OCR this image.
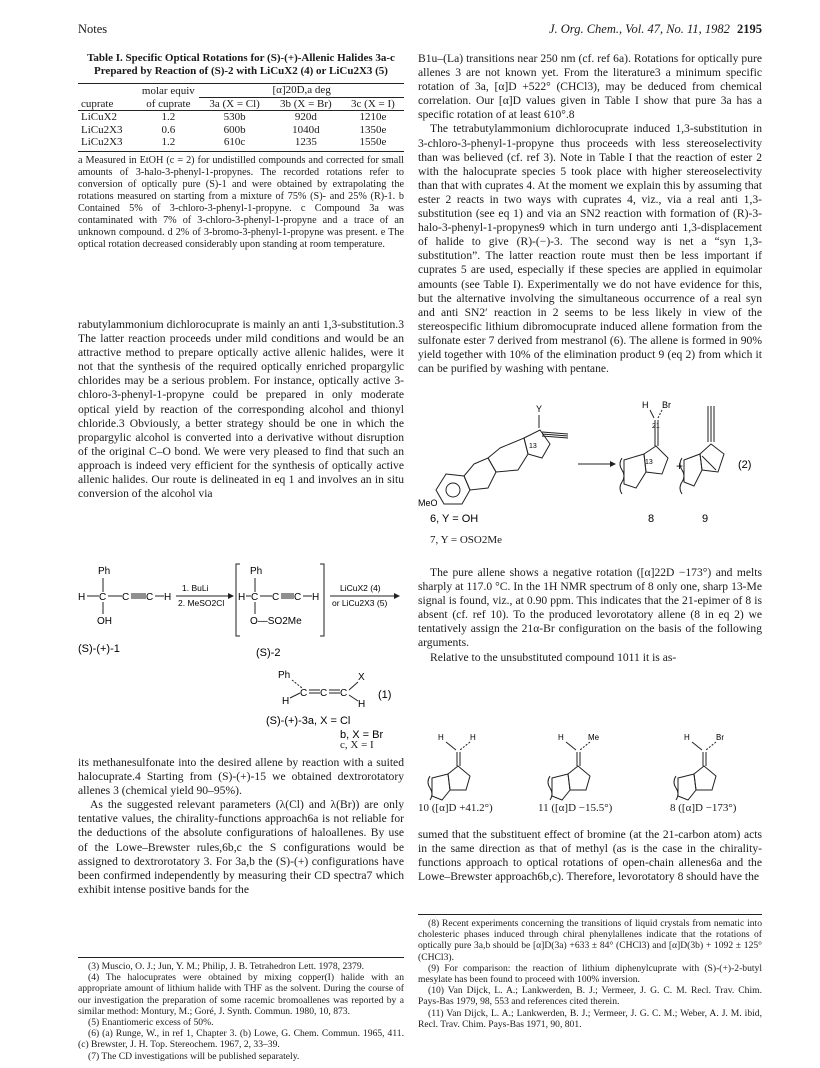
Notes	J. Org. Chem., Vol. 47, No. 11, 1982 2195
Table I. Specific Optical Rotations for (S)-(+)-Allenic Halides 3a-c Prepared by Reaction of (S)-2 with LiCuX2 (4) or LiCu2X3 (5)
cuprate	molar equiv of cuprate	[α]20D,a deg		
		3a (X = Cl)	3b (X = Br)	3c (X = I)

LiCuX2	1.2	530b	920d	1210e
LiCu2X3	0.6	600b	1040d	1350e
LiCu2X3	1.2	610c	1235	1550e
a Measured in EtOH (c = 2) for undistilled compounds and corrected for small amounts of 3-halo-3-phenyl-1-propynes. The recorded rotations refer to conversion of optically pure (S)-1 and were obtained by extrapolating the rotations measured on starting from a mixture of 75% (S)- and 25% (R)-1. b Contained 5% of 3-chloro-3-phenyl-1-propyne. c Compound 3a was contaminated with 7% of 3-chloro-3-phenyl-1-propyne and a trace of an unknown compound. d 2% of 3-bromo-3-phenyl-1-propyne was present. e The optical rotation decreased considerably upon standing at room temperature.

rabutylammonium dichlorocuprate is mainly an anti 1,3-substitution.3 The latter reaction proceeds under mild conditions and would be an attractive method to prepare optically active allenic halides, were it not that the synthesis of the required optically enriched propargylic chlorides may be a serious problem. For instance, optically active 3-chloro-3-phenyl-1-propyne could be prepared in only moderate optical yield by reaction of the corresponding alcohol and thionyl chloride.3 Obviously, a better strategy should be one in which the propargylic alcohol is converted into a derivative without disruption of the original C–O bond. We were very pleased to find that such an approach is indeed very efficient for the synthesis of optically active allenic halides. Our route is delineated in eq 1 and involves an in situ conversion of the alcohol via

Ph
H C C C H
OH
1. BuLi
2. MeSO2Cl
Ph
H C C C H
O—SO2Me
LiCuX2 (4)
or LiCu2X3 (5)
(S)-(+)-1	(S)-2
Ph
H
C C C
X
H
(1)
(S)-(+)-3a, X = Cl
b, X = Br
c, X = I

its methanesulfonate into the desired allene by reaction with a suited halocuprate.4 Starting from (S)-(+)-15 we obtained dextrorotatory allenes 3 (chemical yield 90–95%).

As the suggested relevant parameters (λ(Cl) and λ(Br)) are only tentative values, the chirality-functions approach6a is not reliable for the deductions of the absolute configurations of haloallenes. By use of the Lowe–Brewster rules,6b,c the S configurations would be assigned to dextrorotatory 3. For 3a,b the (S)-(+) configurations have been confirmed independently by measuring their CD spectra7 which exhibit intense positive bands for the

(3) Muscio, O. J.; Jun, Y. M.; Philip, J. B. Tetrahedron Lett. 1978, 2379.

(4) The halocuprates were obtained by mixing copper(I) halide with an appropriate amount of lithium halide with THF as the solvent. During the course of our investigation the preparation of some racemic bromoallenes was reported by a similar method: Montury, M.; Goré, J. Synth. Commun. 1980, 10, 873.

(5) Enantiomeric excess of 50%.

(6) (a) Runge, W., in ref 1, Chapter 3. (b) Lowe, G. Chem. Commun. 1965, 411. (c) Brewster, J. H. Top. Stereochem. 1967, 2, 33–39.

(7) The CD investigations will be published separately.

B1u–(La) transitions near 250 nm (cf. ref 6a). Rotations for optically pure allenes 3 are not known yet. From the literature3 a minimum specific rotation of 3a, [α]D +522° (CHCl3), may be deduced from chemical correlation. Our [α]D values given in Table I show that pure 3a has a specific rotation of at least 610°.8

The tetrabutylammonium dichlorocuprate induced 1,3-substitution in 3-chloro-3-phenyl-1-propyne thus proceeds with less stereoselectivity than was believed (cf. ref 3). Note in Table I that the reaction of ester 2 with the halocuprate species 5 took place with higher stereoselectivity than that with cuprates 4. At the moment we explain this by assuming that ester 2 reacts in two ways with cuprates 4, viz., via a real anti 1,3-substitution (see eq 1) and via an SN2 reaction with formation of (R)-3-halo-3-phenyl-1-propynes9 which in turn undergo anti 1,3-displacement of halide to give (R)-(−)-3. The second way is net a “syn 1,3-substitution”. The latter reaction route must then be less important if cuprates 5 are used, especially if these species are applied in equimolar amounts (see Table I). Experimentally we do not have evidence for this, but the alternative involving the simultaneous occurrence of a real syn and anti SN2′ reaction in 2 seems to be less likely in view of the stereospecific lithium dibromocuprate induced allene formation from the sulfonate ester 7 derived from mestranol (6). The allene is formed in 90% yield together with 10% of the elimination product 9 (eq 2) from which it can be purified by washing with pentane.

Y
13
MeO
H Br
21
13 +	(2)
6, Y = OH	8	9
7, Y = OSO2Me

The pure allene shows a negative rotation ([α]22D −173°) and melts sharply at 117.0 °C. In the 1H NMR spectrum of 8 only one, sharp 13-Me signal is found, viz., at 0.90 ppm. This indicates that the 21-epimer of 8 is absent (cf. ref 10). To the produced levorotatory allene (8 in eq 2) we tentatively assign the 21α-Br configuration on the basis of the following arguments.

Relative to the unsubstituted compound 1011 it is as-

H	H	H	Me	H	Br
10 ([α]D +41.2°)	11 ([α]D −15.5°)	8 ([α]D −173°)

sumed that the substituent effect of bromine (at the 21-carbon atom) acts in the same direction as that of methyl (as is the case in the chirality-functions approach to optical rotations of open-chain allenes6a and the Lowe–Brewster approach6b,c). Therefore, levorotatory 8 should have the

(8) Recent experiments concerning the transitions of liquid crystals from nematic into cholesteric phases induced through chiral phenylallenes indicate that the rotations of optically pure 3a,b should be [α]D(3a) +633 ± 84° (CHCl3) and [α]D(3b) + 1092 ± 125° (CHCl3).

(9) For comparison: the reaction of lithium diphenylcuprate with (S)-(+)-2-butyl mesylate has been found to proceed with 100% inversion.

(10) Van Dijck, L. A.; Lankwerden, B. J.; Vermeer, J. G. C. M. Recl. Trav. Chim. Pays-Bas 1979, 98, 553 and references cited therein.

(11) Van Dijck, L. A.; Lankwerden, B. J.; Vermeer, J. G. C. M.; Weber, A. J. M. ibid, Recl. Trav. Chim. Pays-Bas 1971, 90, 801.
